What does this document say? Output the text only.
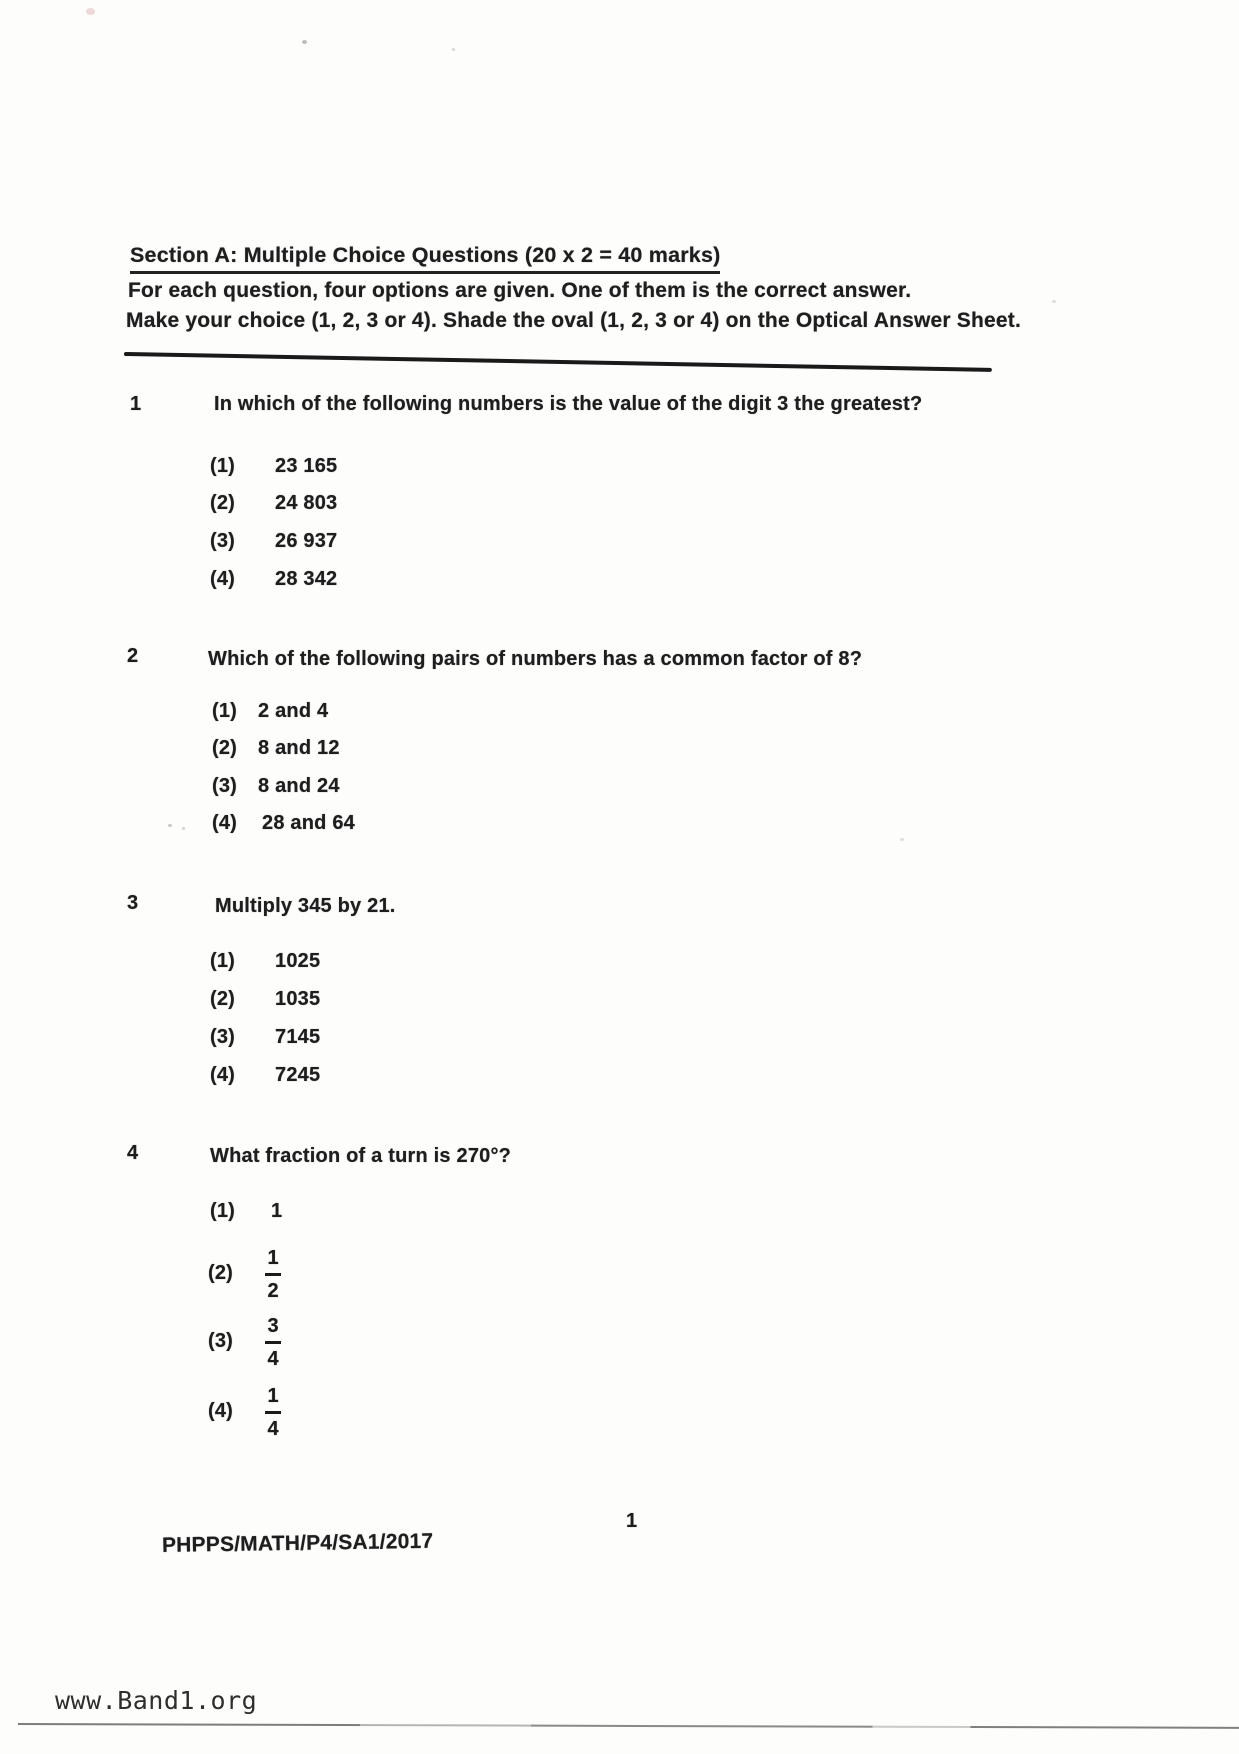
Section A: Multiple Choice Questions (20 x 2 = 40 marks)
For each question, four options are given. One of them is the correct answer.
Make your choice (1, 2, 3 or 4). Shade the oval (1, 2, 3 or 4) on the Optical Answer Sheet.
1	In which of the following numbers is the value of the digit 3 the greatest?
(1) 23 165
(2) 24 803
(3) 26 937
(4) 28 342
2	Which of the following pairs of numbers has a common factor of 8?
(1) 2 and 4
(2) 8 and 12
(3) 8 and 24
(4) 28 and 64
3	Multiply 345 by 21.
(1) 1025
(2) 1035
(3) 7145
(4) 7245
4	What fraction of a turn is 270°?
(1) 1
(2)
1
2
(3)
3
4
(4)
1
4
1
PHPPS/MATH/P4/SA1/2017
www.Band1.org
